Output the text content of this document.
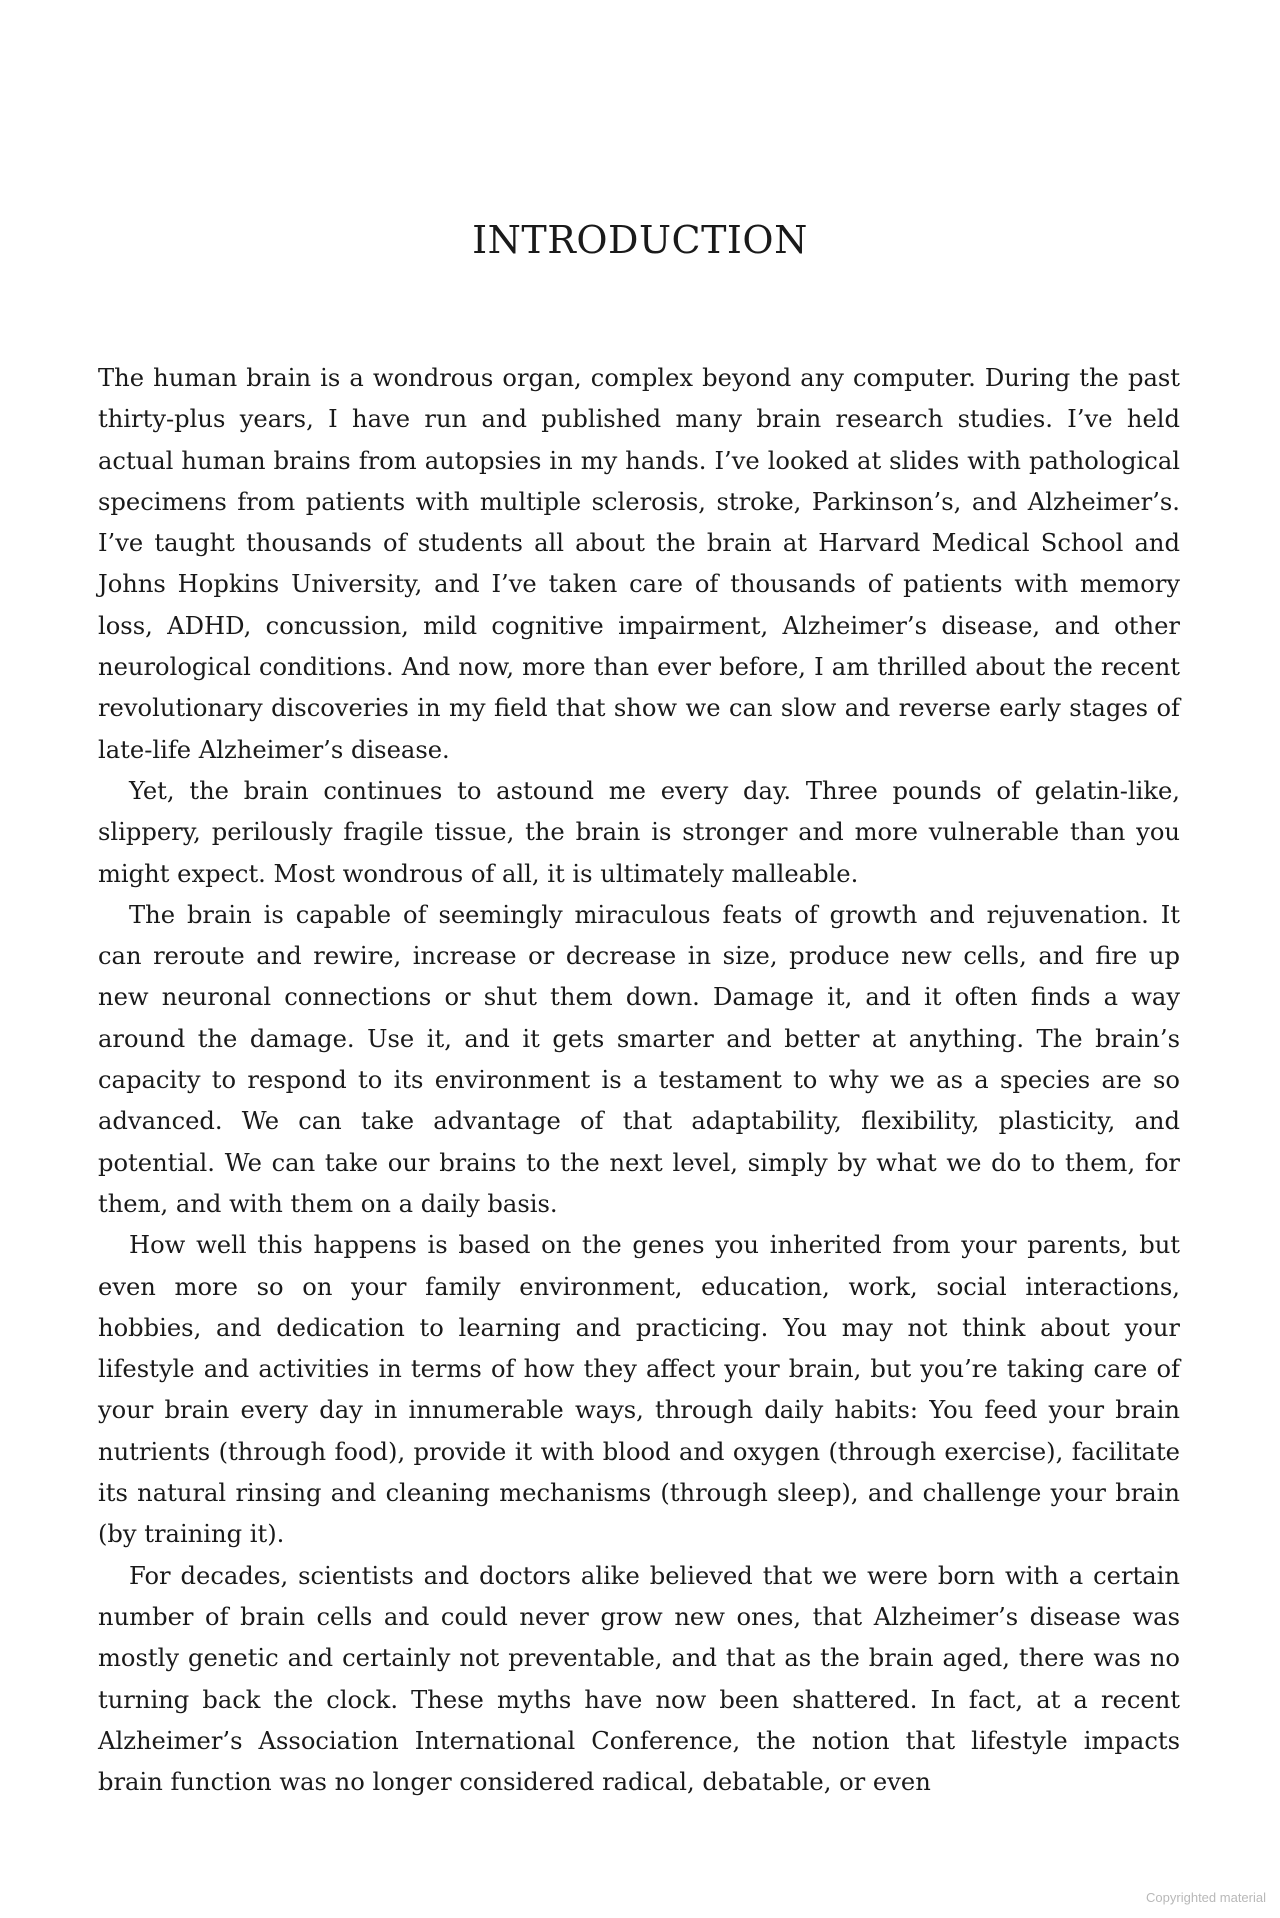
INTRODUCTION

The human brain is a wondrous organ, complex beyond any computer. During the past thirty-plus years, I have run and published many brain research studies. I’ve held actual human brains from autopsies in my hands. I’ve looked at slides with pathological specimens from patients with multiple sclerosis, stroke, Parkinson’s, and Alzheimer’s. I’ve taught thousands of students all about the brain at Harvard Medical School and Johns Hopkins University, and I’ve taken care of thousands of patients with memory loss, ADHD, concussion, mild cognitive impairment, Alzheimer’s disease, and other neurological conditions. And now, more than ever before, I am thrilled about the recent revolutionary discoveries in my field that show we can slow and reverse early stages of late-life Alzheimer’s disease.

Yet, the brain continues to astound me every day. Three pounds of gelatin-like, slippery, perilously fragile tissue, the brain is stronger and more vulnerable than you might expect. Most wondrous of all, it is ultimately malleable.

The brain is capable of seemingly miraculous feats of growth and rejuvenation. It can reroute and rewire, increase or decrease in size, produce new cells, and fire up new neuronal connections or shut them down. Damage it, and it often finds a way around the damage. Use it, and it gets smarter and better at anything. The brain’s capacity to respond to its environment is a testament to why we as a species are so advanced. We can take advantage of that adaptability, flexibility, plasticity, and potential. We can take our brains to the next level, simply by what we do to them, for them, and with them on a daily basis.

How well this happens is based on the genes you inherited from your parents, but even more so on your family environment, education, work, social interactions, hobbies, and dedication to learning and practicing. You may not think about your lifestyle and activities in terms of how they affect your brain, but you’re taking care of your brain every day in innumerable ways, through daily habits: You feed your brain nutrients (through food), provide it with blood and oxygen (through exercise), facilitate its natural rinsing and cleaning mechanisms (through sleep), and challenge your brain (by training it).

For decades, scientists and doctors alike believed that we were born with a certain number of brain cells and could never grow new ones, that Alzheimer’s disease was mostly genetic and certainly not preventable, and that as the brain aged, there was no turning back the clock. These myths have now been shattered. In fact, at a recent Alzheimer’s Association International Conference, the notion that lifestyle impacts brain function was no longer considered radical, debatable, or even

Copyrighted material
